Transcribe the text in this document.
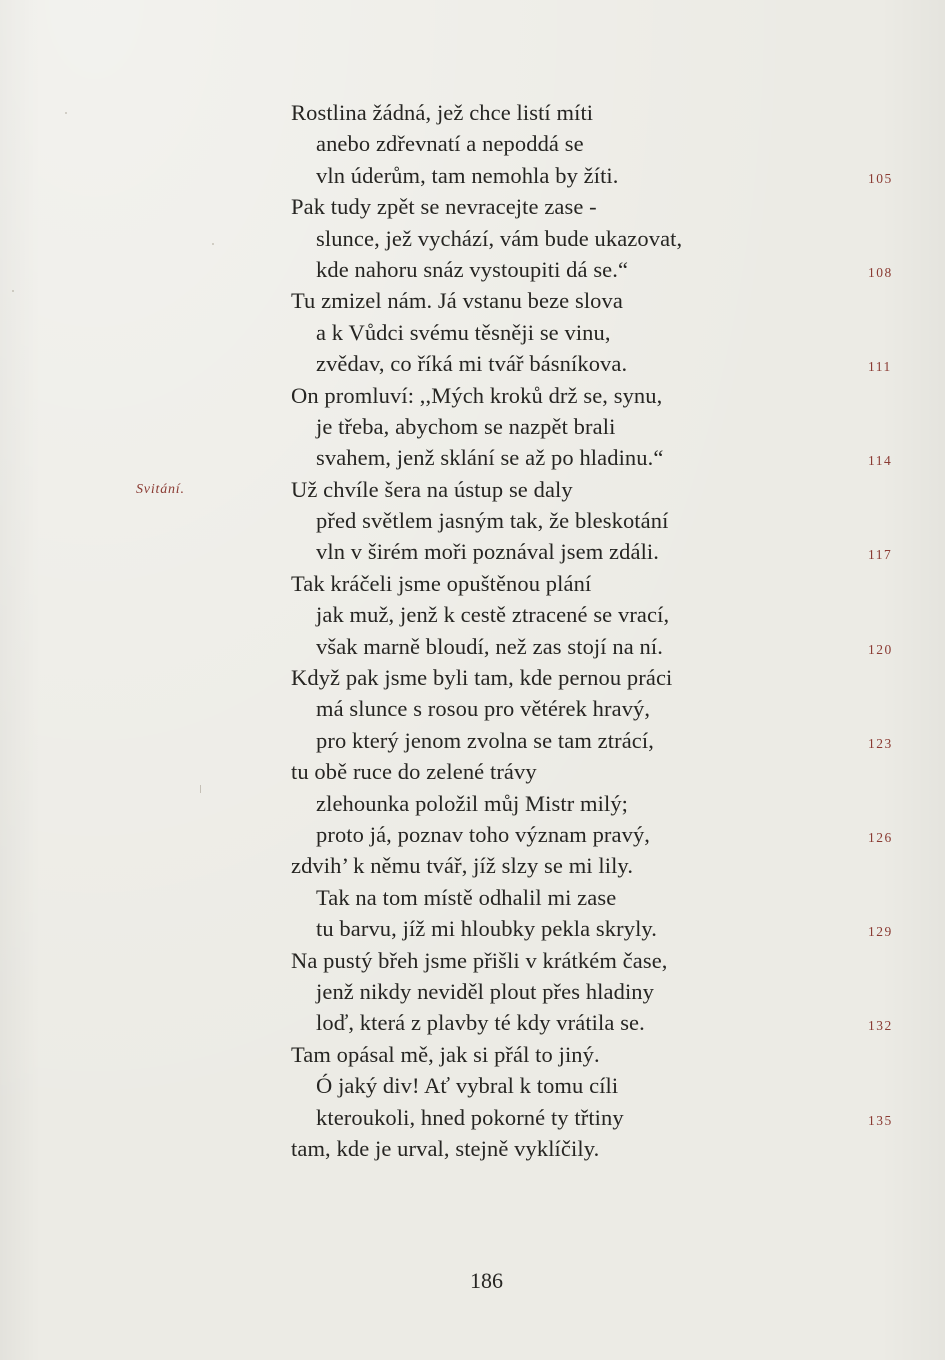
Svitání.
Rostlina žádná, jež chce listí míti
anebo zdřevnatí a nepoddá se
vln úderům, tam nemohla by žíti.	105
Pak tudy zpět se nevracejte zase -
slunce, jež vychází, vám bude ukazovat,
kde nahoru snáz vystoupiti dá se.“	108
Tu zmizel nám. Já vstanu beze slova
a k Vůdci svému těsněji se vinu,
zvědav, co říká mi tvář básníkova.	111
On promluví: ,,Mých kroků drž se, synu,
je třeba, abychom se nazpět brali
svahem, jenž sklání se až po hladinu.“	114
Už chvíle šera na ústup se daly
před světlem jasným tak, že bleskotání
vln v širém moři poznával jsem zdáli.	117
Tak kráčeli jsme opuštěnou plání
jak muž, jenž k cestě ztracené se vrací,
však marně bloudí, než zas stojí na ní.	120
Když pak jsme byli tam, kde pernou práci
má slunce s rosou pro větérek hravý,
pro který jenom zvolna se tam ztrácí,	123
tu obě ruce do zelené trávy
zlehounka položil můj Mistr milý;
proto já, poznav toho význam pravý,	126
zdvih’ k němu tvář, jíž slzy se mi lily.
Tak na tom místě odhalil mi zase
tu barvu, jíž mi hloubky pekla skryly.	129
Na pustý břeh jsme přišli v krátkém čase,
jenž nikdy neviděl plout přes hladiny
loď, která z plavby té kdy vrátila se.	132
Tam opásal mě, jak si přál to jiný.
Ó jaký div! Ať vybral k tomu cíli
kteroukoli, hned pokorné ty třtiny	135
tam, kde je urval, stejně vyklíčily.
186
